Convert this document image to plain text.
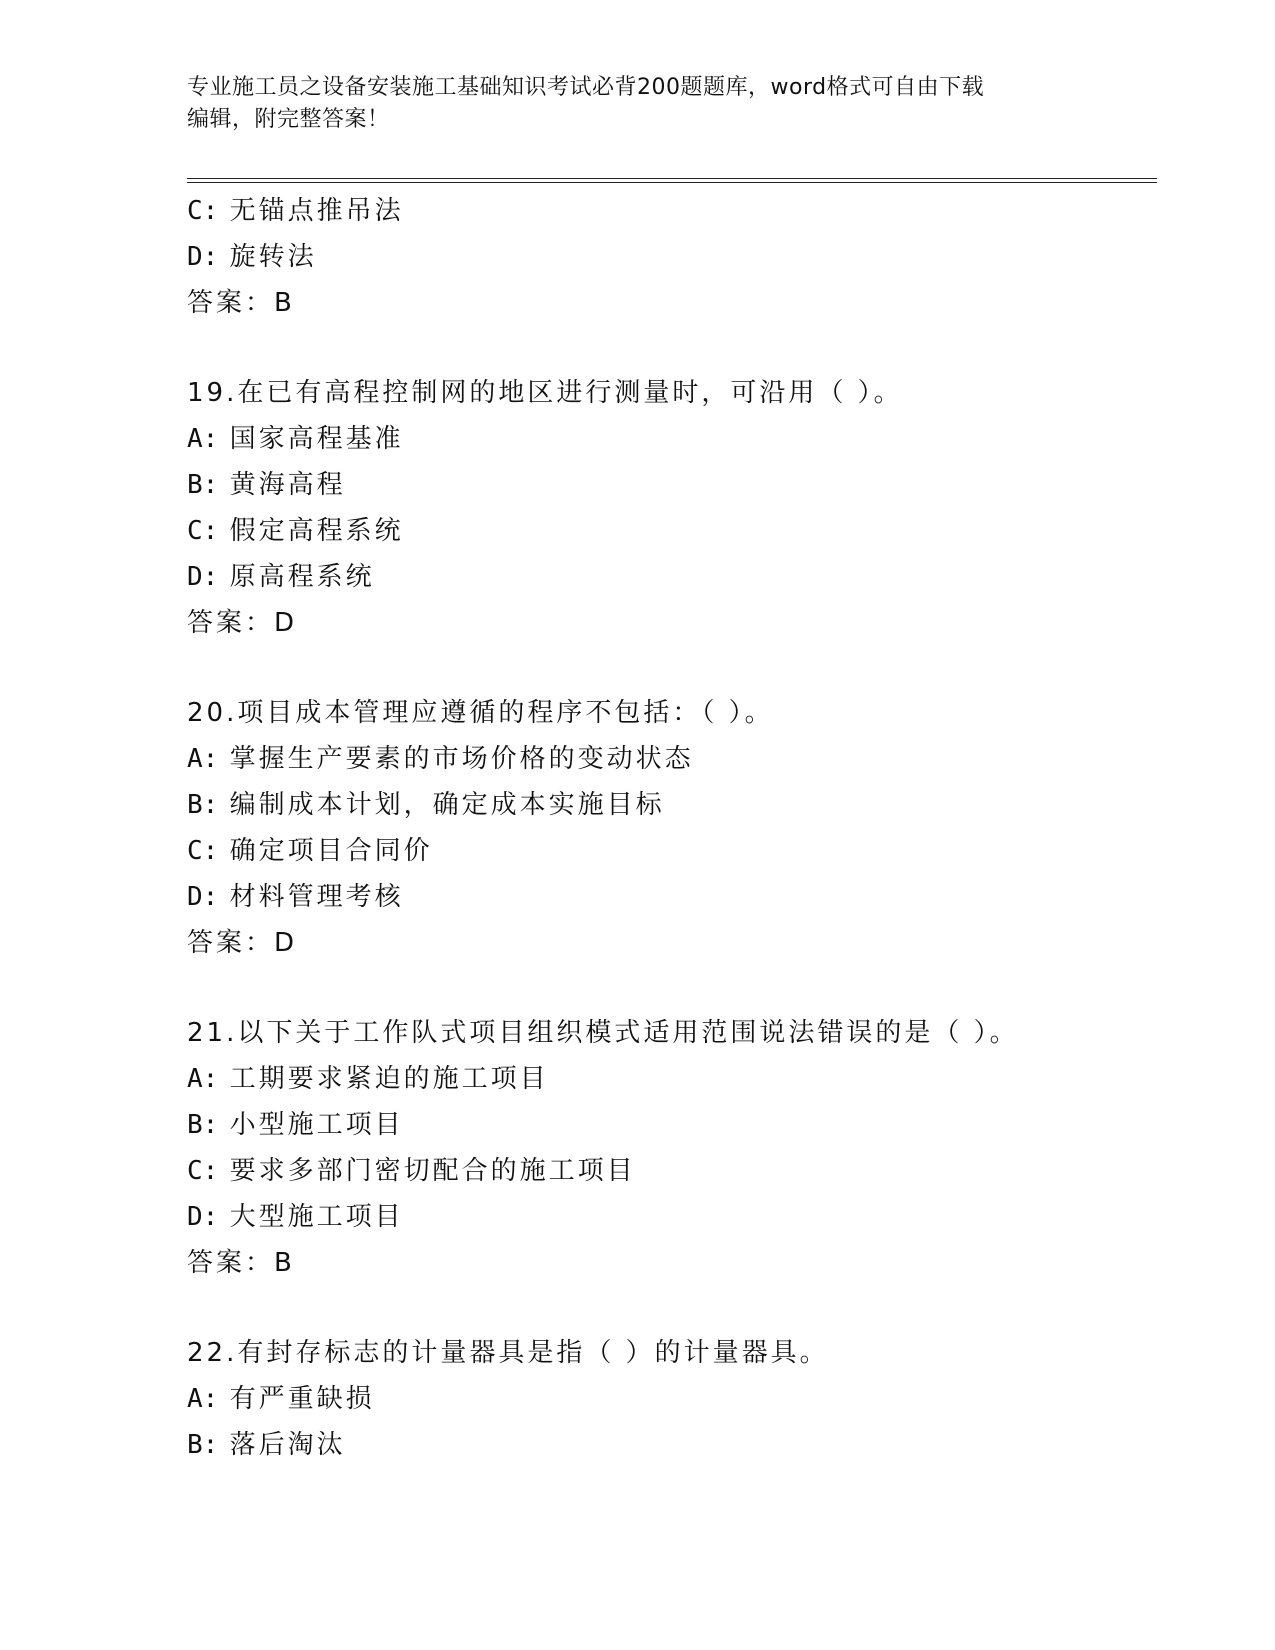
专业施工员之设备安装施工基础知识考试必背200题题库，word格式可自由下载
编辑，附完整答案！
C: 无锚点推吊法
D: 旋转法
答案：B
19.在已有高程控制网的地区进行测量时，可沿用（ ）。
A: 国家高程基准
B: 黄海高程
C: 假定高程系统
D: 原高程系统
答案：D
20.项目成本管理应遵循的程序不包括：（ ）。
A: 掌握生产要素的市场价格的变动状态
B: 编制成本计划，确定成本实施目标
C: 确定项目合同价
D: 材料管理考核
答案：D
21.以下关于工作队式项目组织模式适用范围说法错误的是（ ）。
A: 工期要求紧迫的施工项目
B: 小型施工项目
C: 要求多部门密切配合的施工项目
D: 大型施工项目
答案：B
22.有封存标志的计量器具是指（ ）的计量器具。
A: 有严重缺损
B: 落后淘汰
